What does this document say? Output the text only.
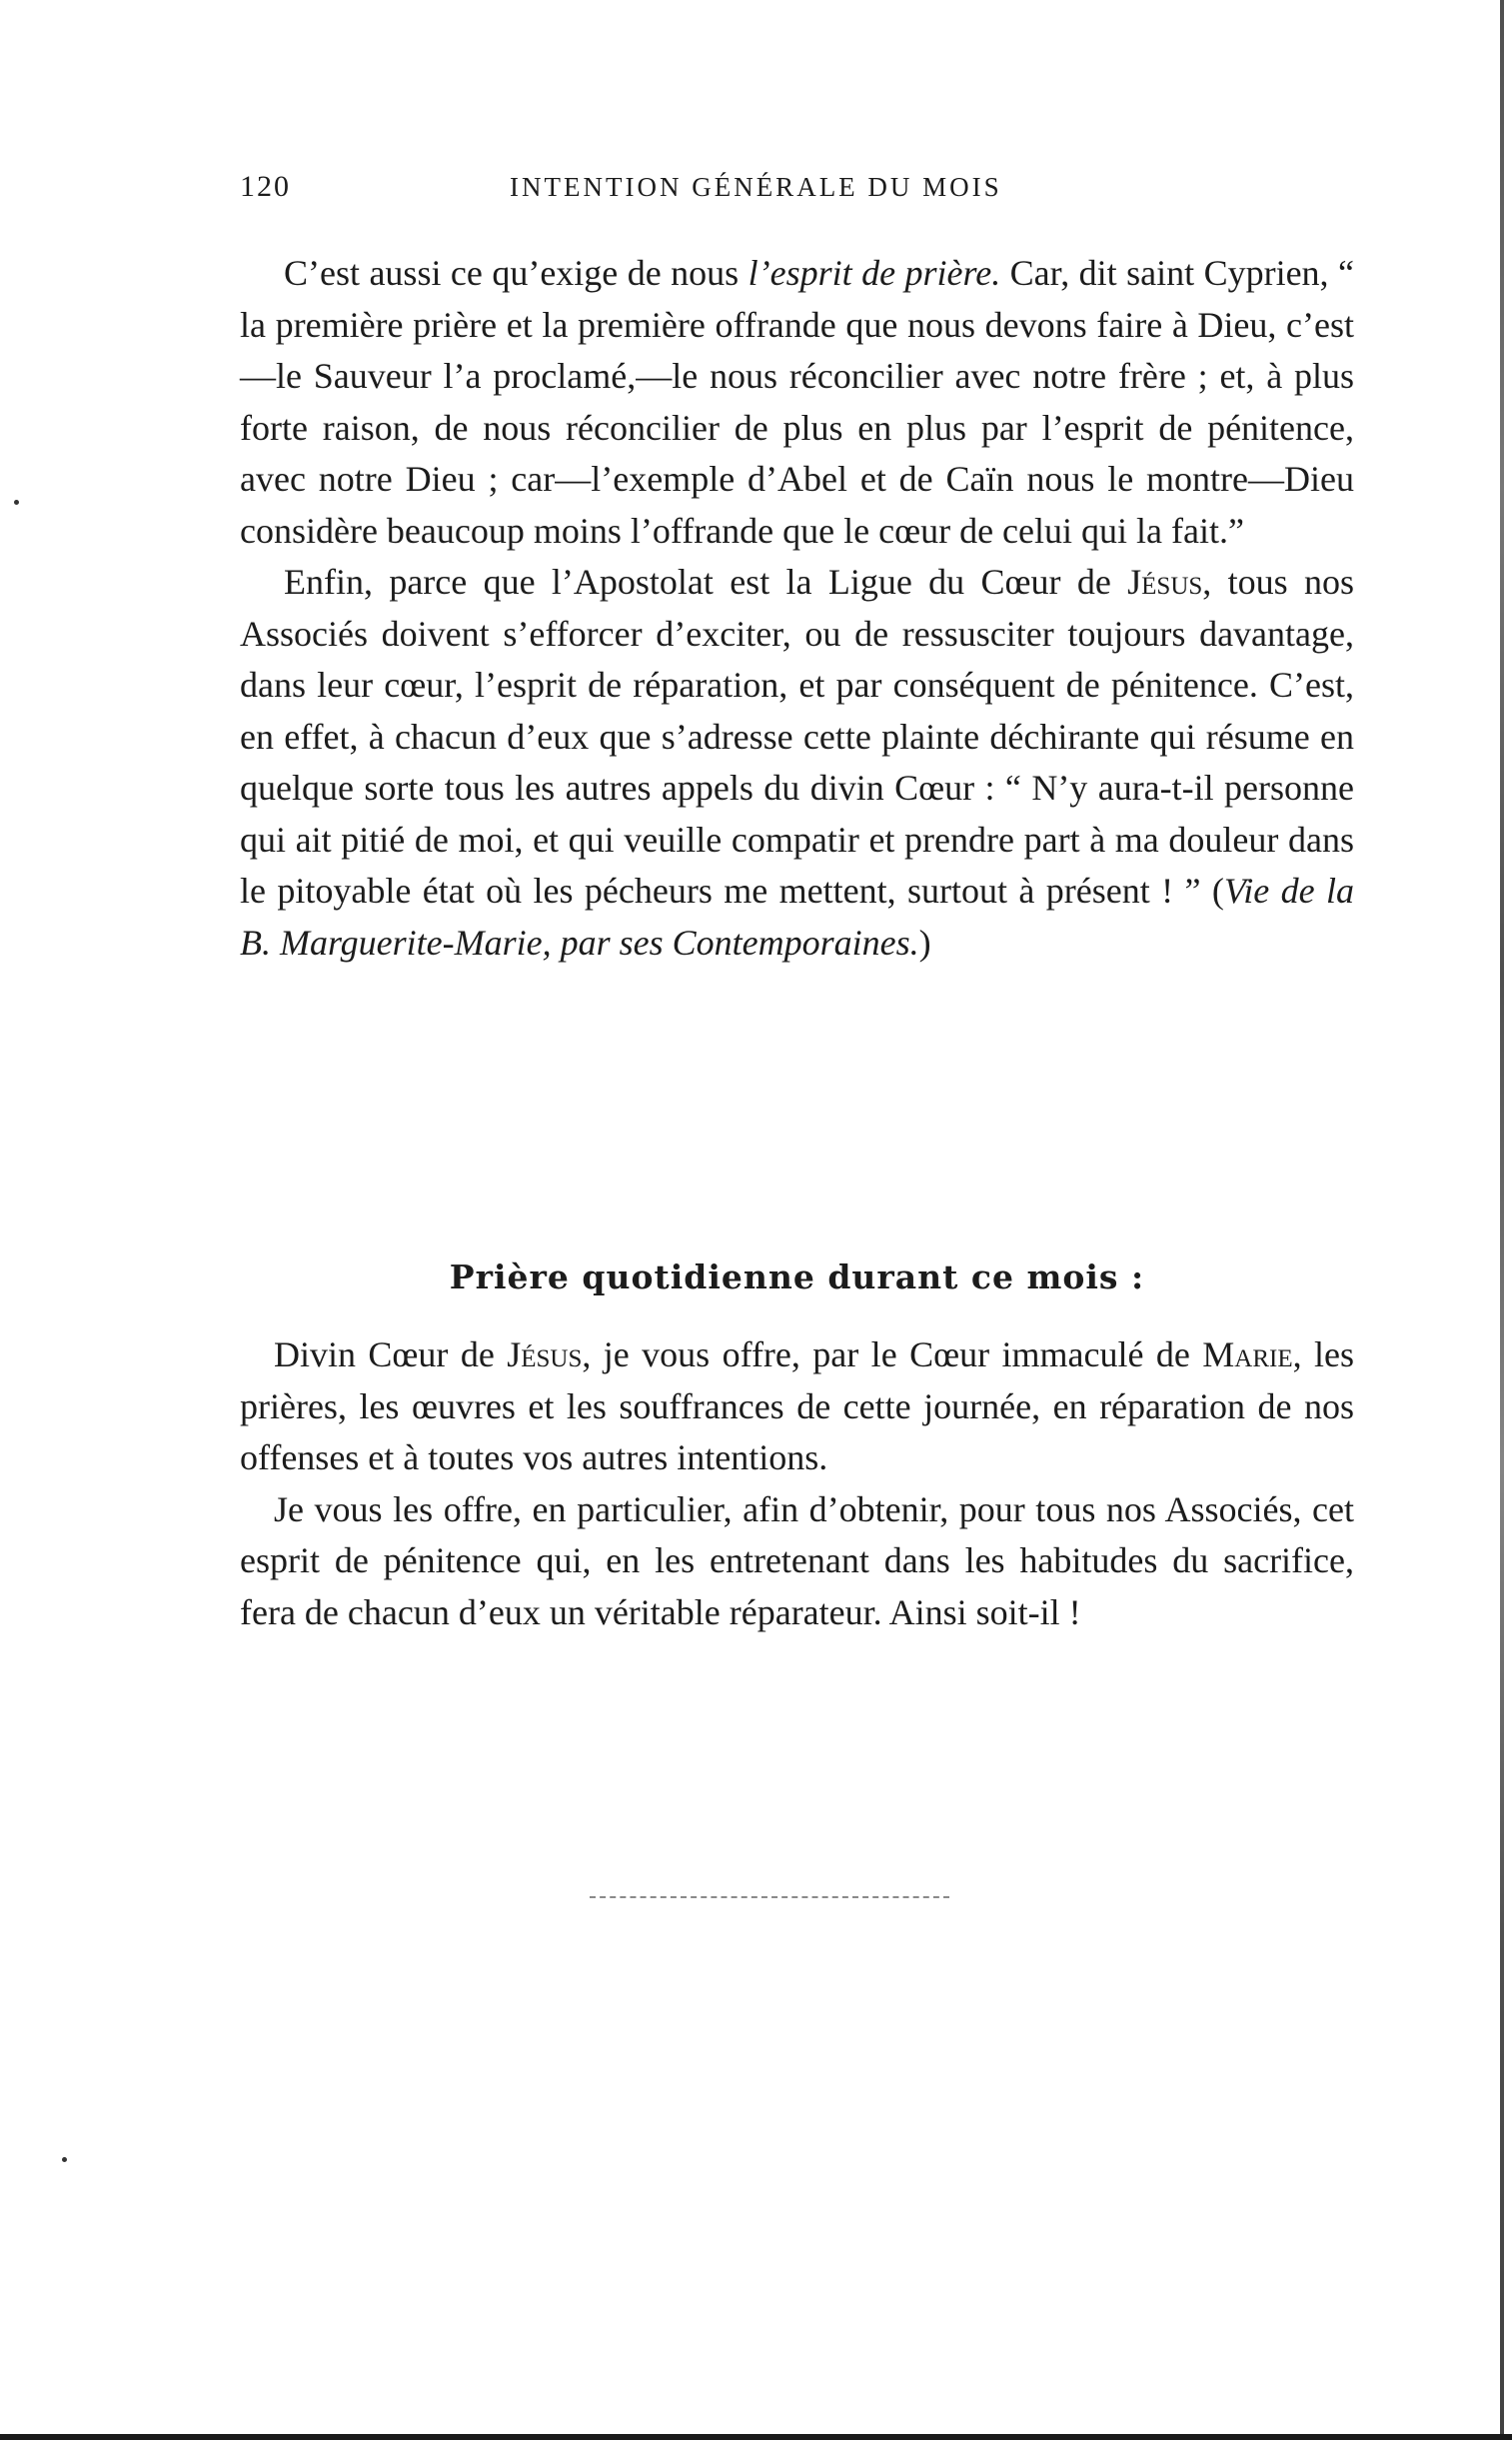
120	INTENTION GÉNÉRALE DU MOIS

C’est aussi ce qu’exige de nous l’esprit de prière. Car, dit saint Cyprien, “ la première prière et la première offrande que nous devons faire à Dieu, c’est—le Sauveur l’a proclamé,—le nous réconcilier avec notre frère ; et, à plus forte raison, de nous réconcilier de plus en plus par l’esprit de pénitence, avec notre Dieu ; car—l’exemple d’Abel et de Caïn nous le montre—Dieu considère beaucoup moins l’offrande que le cœur de celui qui la fait.”

Enfin, parce que l’Apostolat est la Ligue du Cœur de Jésus, tous nos Associés doivent s’efforcer d’exciter, ou de ressusciter toujours davantage, dans leur cœur, l’esprit de réparation, et par conséquent de pénitence. C’est, en effet, à chacun d’eux que s’adresse cette plainte déchirante qui résume en quelque sorte tous les autres appels du divin Cœur : “ N’y aura-t-il personne qui ait pitié de moi, et qui veuille compatir et prendre part à ma douleur dans le pitoyable état où les pécheurs me mettent, surtout à présent ! ” (Vie de la B. Marguerite-Marie, par ses Contemporaines.)

Prière quotidienne durant ce mois :

Divin Cœur de Jésus, je vous offre, par le Cœur immaculé de Marie, les prières, les œuvres et les souffrances de cette journée, en réparation de nos offenses et à toutes vos autres intentions.

Je vous les offre, en particulier, afin d’obtenir, pour tous nos Associés, cet esprit de pénitence qui, en les entretenant dans les habitudes du sacrifice, fera de chacun d’eux un véritable réparateur. Ainsi soit-il !
